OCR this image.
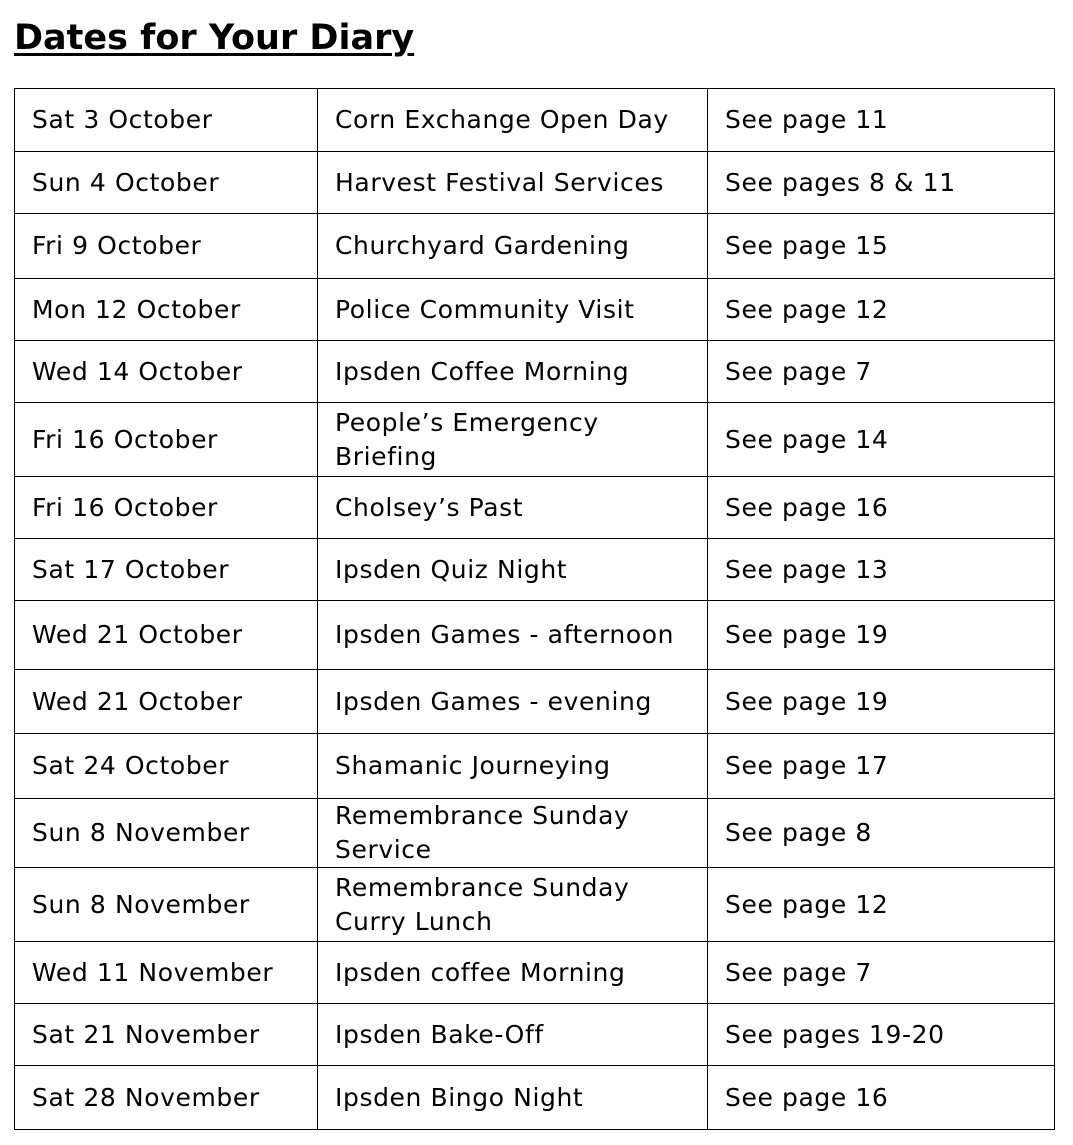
Dates for Your Diary
Sat 3 October	Corn Exchange Open Day	See page 11
Sun 4 October	Harvest Festival Services	See pages 8 & 11
Fri 9 October	Churchyard Gardening	See page 15
Mon 12 October	Police Community Visit	See page 12
Wed 14 October	Ipsden Coffee Morning	See page 7
Fri 16 October	People’s Emergency Briefing	See page 14
Fri 16 October	Cholsey’s Past	See page 16
Sat 17 October	Ipsden Quiz Night	See page 13
Wed 21 October	Ipsden Games - afternoon	See page 19
Wed 21 October	Ipsden Games - evening	See page 19
Sat 24 October	Shamanic Journeying	See page 17
Sun 8 November	Remembrance Sunday Service	See page 8
Sun 8 November	Remembrance Sunday Curry Lunch	See page 12
Wed 11 November	Ipsden coffee Morning	See page 7
Sat 21 November	Ipsden Bake-Off	See pages 19-20
Sat 28 November	Ipsden Bingo Night	See page 16
